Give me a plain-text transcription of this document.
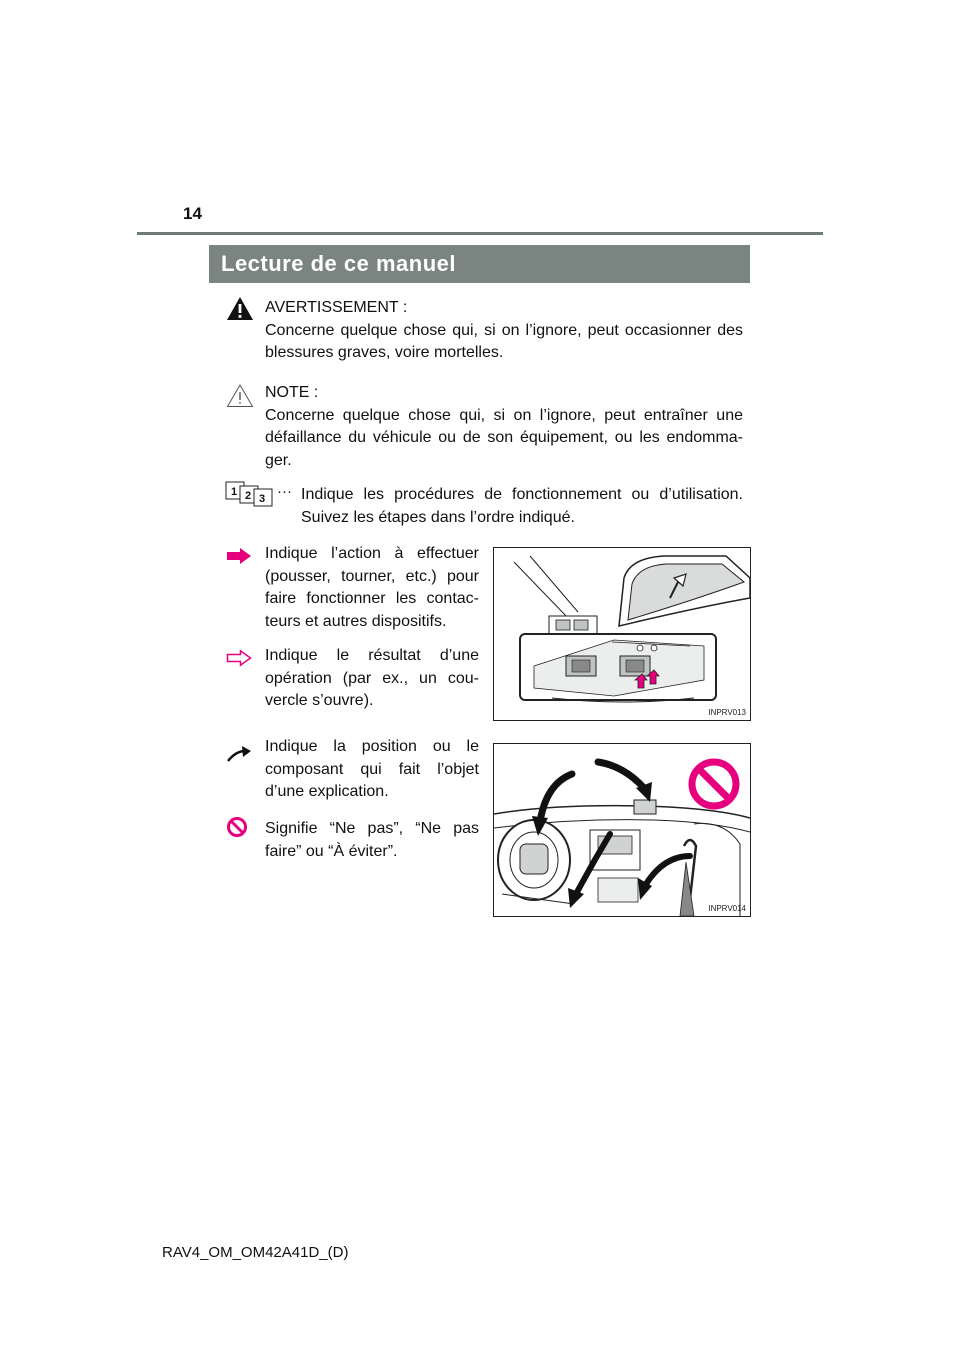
14
Lecture de ce manuel
AVERTISSEMENT :
Concerne quelque chose qui, si on l’ignore, peut occasionner des blessures graves, voire mortelles.
NOTE :
Concerne quelque chose qui, si on l’ignore, peut entraîner une défaillance du véhicule ou de son équipement, ou les endomma-ger.
1 2 3 ··· Indique les procédures de fonctionnement ou d’utilisation. Suivez les étapes dans l’ordre indiqué.
Indique l’action à effectuer (pousser, tourner, etc.) pour faire fonctionner les contac-teurs et autres dispositifs.
Indique le résultat d’une opération (par ex., un cou-vercle s’ouvre).
Indique la position ou le composant qui fait l’objet d’une explication.
Signifie “Ne pas”, “Ne pas faire” ou “À éviter”.
INPRV013
INPRV014
RAV4_OM_OM42A41D_(D)
